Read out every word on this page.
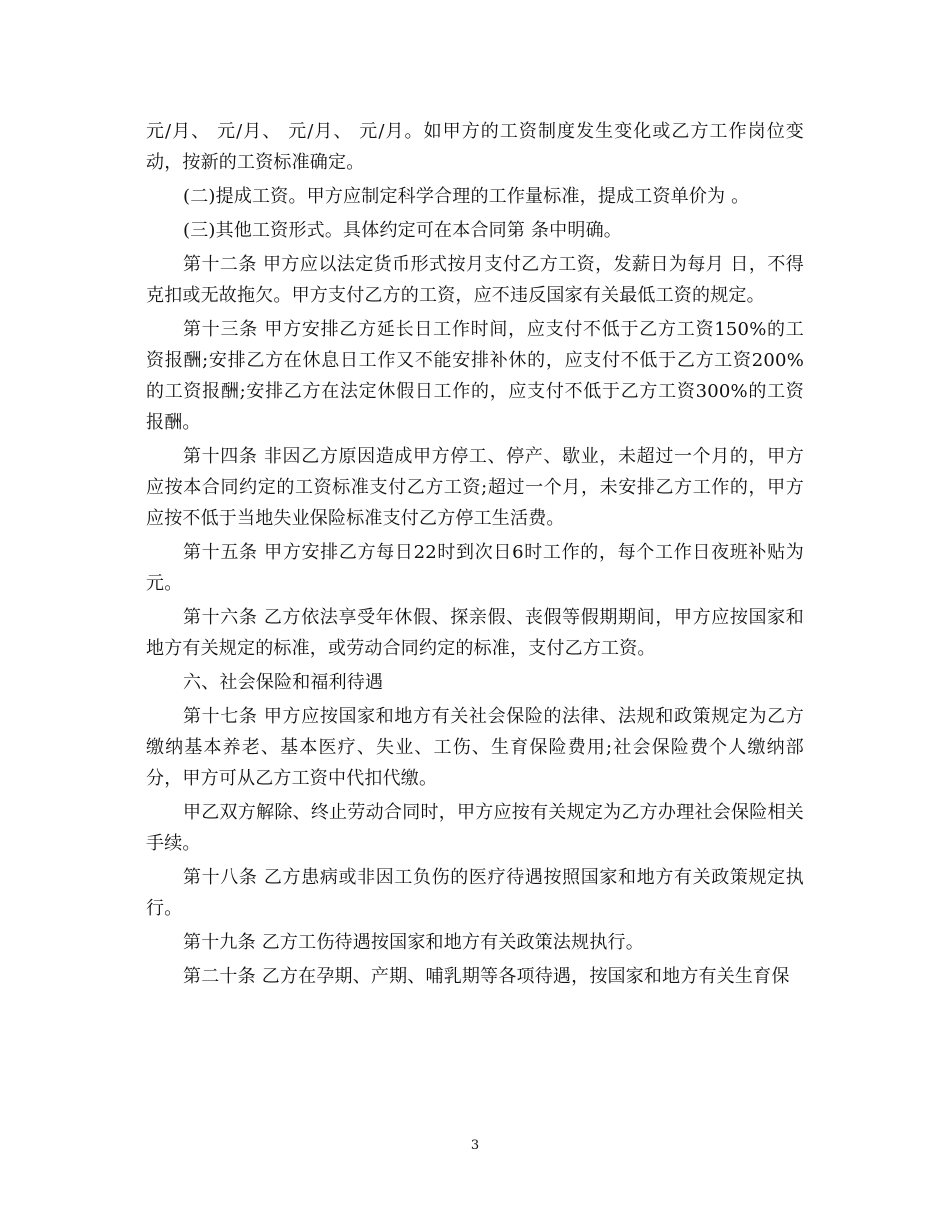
元/月、 元/月、 元/月、 元/月。如甲方的工资制度发生变化或乙方工作岗位变动，按新的工资标准确定。

(二)提成工资。甲方应制定科学合理的工作量标准，提成工资单价为 。

(三)其他工资形式。具体约定可在本合同第 条中明确。

第十二条 甲方应以法定货币形式按月支付乙方工资，发薪日为每月 日，不得克扣或无故拖欠。甲方支付乙方的工资，应不违反国家有关最低工资的规定。

第十三条 甲方安排乙方延长日工作时间，应支付不低于乙方工资150%的工资报酬;安排乙方在休息日工作又不能安排补休的，应支付不低于乙方工资200%的工资报酬;安排乙方在法定休假日工作的，应支付不低于乙方工资300%的工资报酬。

第十四条 非因乙方原因造成甲方停工、停产、歇业，未超过一个月的，甲方应按本合同约定的工资标准支付乙方工资;超过一个月，未安排乙方工作的，甲方应按不低于当地失业保险标准支付乙方停工生活费。

第十五条 甲方安排乙方每日22时到次日6时工作的，每个工作日夜班补贴为 元。

第十六条 乙方依法享受年休假、探亲假、丧假等假期期间，甲方应按国家和地方有关规定的标准，或劳动合同约定的标准，支付乙方工资。

六、社会保险和福利待遇

第十七条 甲方应按国家和地方有关社会保险的法律、法规和政策规定为乙方缴纳基本养老、基本医疗、失业、工伤、生育保险费用;社会保险费个人缴纳部分，甲方可从乙方工资中代扣代缴。

甲乙双方解除、终止劳动合同时，甲方应按有关规定为乙方办理社会保险相关手续。

第十八条 乙方患病或非因工负伤的医疗待遇按照国家和地方有关政策规定执行。

第十九条 乙方工伤待遇按国家和地方有关政策法规执行。

第二十条 乙方在孕期、产期、哺乳期等各项待遇，按国家和地方有关生育保

3
